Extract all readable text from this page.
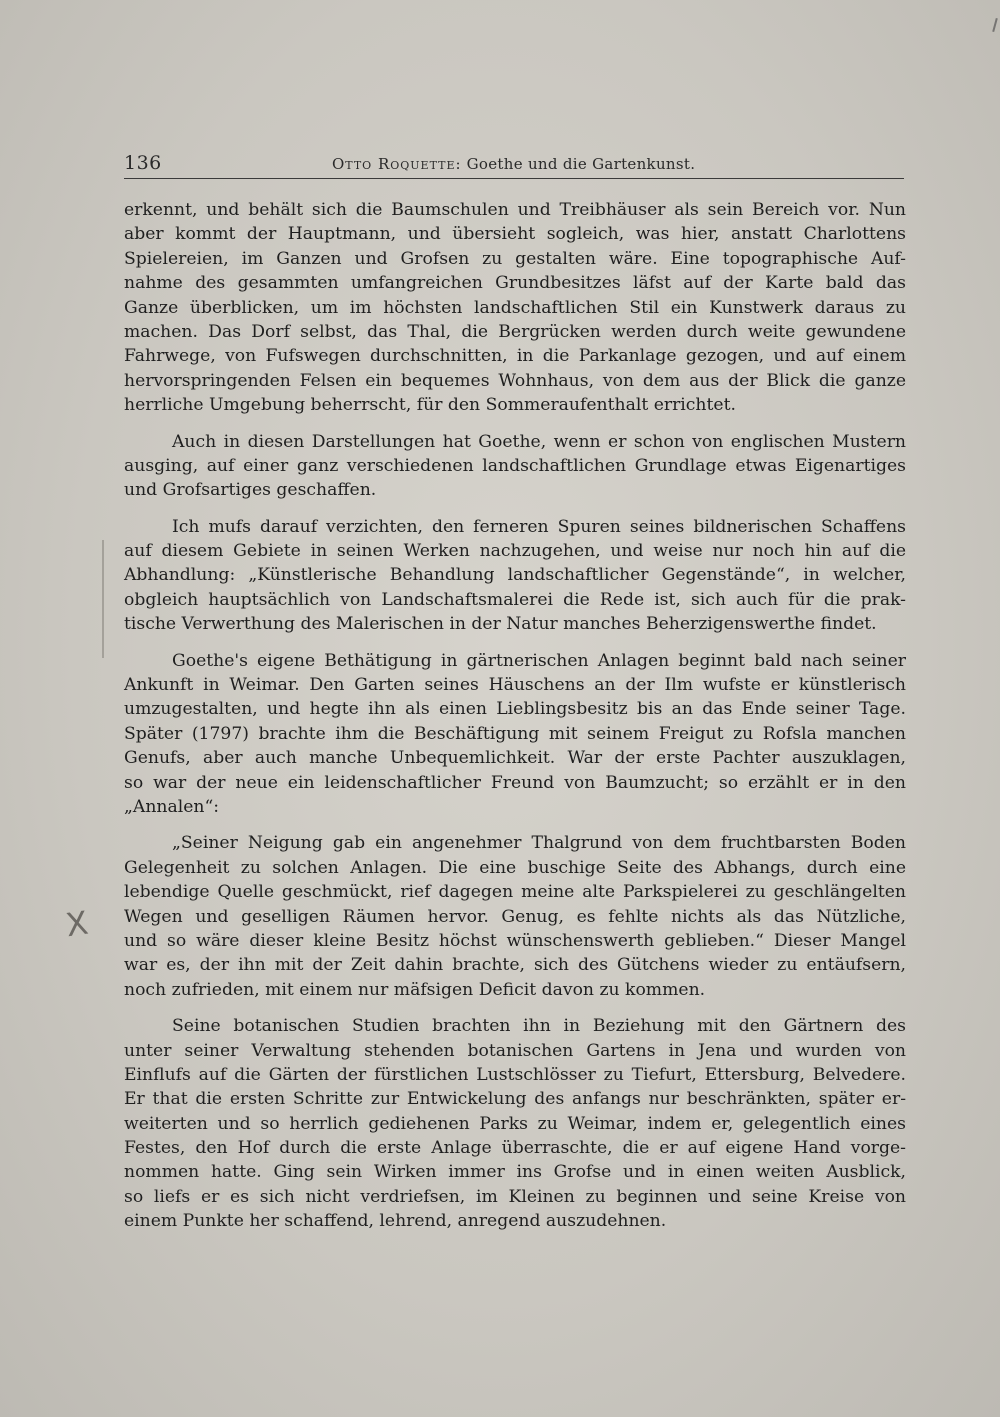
136	Otto Roquette: Goethe und die Gartenkunst.
X
erkennt, und behält sich die Baumschulen und Treibhäuser als sein Bereich vor. Nun
aber kommt der Hauptmann, und übersieht sogleich, was hier, anstatt Charlottens
Spielereien, im Ganzen und Grofsen zu gestalten wäre. Eine topographische Auf-
nahme des gesammten umfangreichen Grundbesitzes läfst auf der Karte bald das
Ganze überblicken, um im höchsten landschaftlichen Stil ein Kunstwerk daraus zu
machen. Das Dorf selbst, das Thal, die Bergrücken werden durch weite gewundene
Fahrwege, von Fufswegen durchschnitten, in die Parkanlage gezogen, und auf einem
hervorspringenden Felsen ein bequemes Wohnhaus, von dem aus der Blick die ganze
herrliche Umgebung beherrscht, für den Sommeraufenthalt errichtet.
Auch in diesen Darstellungen hat Goethe, wenn er schon von englischen Mustern
ausging, auf einer ganz verschiedenen landschaftlichen Grundlage etwas Eigenartiges
und Grofsartiges geschaffen.
Ich mufs darauf verzichten, den ferneren Spuren seines bildnerischen Schaffens
auf diesem Gebiete in seinen Werken nachzugehen, und weise nur noch hin auf die
Abhandlung: „Künstlerische Behandlung landschaftlicher Gegenstände“, in welcher,
obgleich hauptsächlich von Landschaftsmalerei die Rede ist, sich auch für die prak-
tische Verwerthung des Malerischen in der Natur manches Beherzigenswerthe findet.
Goethe's eigene Bethätigung in gärtnerischen Anlagen beginnt bald nach seiner
Ankunft in Weimar. Den Garten seines Häuschens an der Ilm wufste er künstlerisch
umzugestalten, und hegte ihn als einen Lieblingsbesitz bis an das Ende seiner Tage.
Später (1797) brachte ihm die Beschäftigung mit seinem Freigut zu Rofsla manchen
Genufs, aber auch manche Unbequemlichkeit. War der erste Pachter auszuklagen,
so war der neue ein leidenschaftlicher Freund von Baumzucht; so erzählt er in den
„Annalen“:
„Seiner Neigung gab ein angenehmer Thalgrund von dem fruchtbarsten Boden
Gelegenheit zu solchen Anlagen. Die eine buschige Seite des Abhangs, durch eine
lebendige Quelle geschmückt, rief dagegen meine alte Parkspielerei zu geschlängelten
Wegen und geselligen Räumen hervor. Genug, es fehlte nichts als das Nützliche,
und so wäre dieser kleine Besitz höchst wünschenswerth geblieben.“ Dieser Mangel
war es, der ihn mit der Zeit dahin brachte, sich des Gütchens wieder zu entäufsern,
noch zufrieden, mit einem nur mäfsigen Deficit davon zu kommen.
Seine botanischen Studien brachten ihn in Beziehung mit den Gärtnern des
unter seiner Verwaltung stehenden botanischen Gartens in Jena und wurden von
Einflufs auf die Gärten der fürstlichen Lustschlösser zu Tiefurt, Ettersburg, Belvedere.
Er that die ersten Schritte zur Entwickelung des anfangs nur beschränkten, später er-
weiterten und so herrlich gediehenen Parks zu Weimar, indem er, gelegentlich eines
Festes, den Hof durch die erste Anlage überraschte, die er auf eigene Hand vorge-
nommen hatte. Ging sein Wirken immer ins Grofse und in einen weiten Ausblick,
so liefs er es sich nicht verdriefsen, im Kleinen zu beginnen und seine Kreise von
einem Punkte her schaffend, lehrend, anregend auszudehnen.
